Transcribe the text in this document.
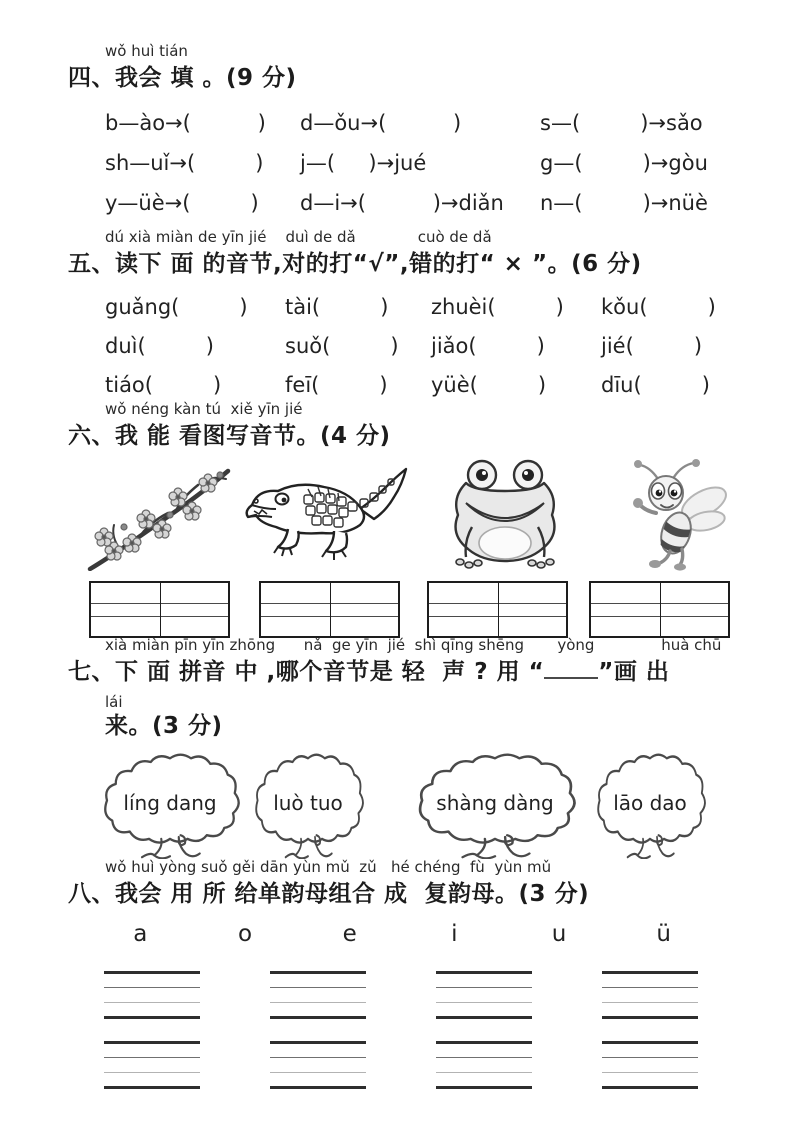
wǒ huì tián
四、我会 填 。(9 分)
b—ào→(          )	d—ǒu→(          )	s—(         )→sǎo
sh—uǐ→(         )	j—(     )→jué	g—(         )→gòu
y—üè→(         )	d—i→(          )→diǎn	n—(         )→nüè
dú xià miàn de yīn jié    duì de dǎ             cuò de dǎ
五、读下 面 的音节,对的打“√”,错的打“ × ”。(6 分)
guǎng(         )	tài(         )	zhuèi(         )	kǒu(         )
duì(         )	suǒ(         )	jiǎo(         )	jié(         )
tiáo(         )	feī(         )	yüè(         )	dīu(         )
wǒ néng kàn tú  xiě yīn jié
六、我 能 看图写音节。(4 分)
xià miàn pīn yīn zhōng      nǎ  ge yīn  jié  shì qīng shēng       yòng              huà chū
七、下 面 拼音 中 ,哪个音节是 轻  声 ? 用 “ ”画 出
lái
来。(3 分)
líng dang	luò tuo	shàng dàng	lāo dao
wǒ huì yòng suǒ gěi dān yùn mǔ  zǔ   hé chéng  fù  yùn mǔ
八、我会 用 所 给单韵母组合 成  复韵母。(3 分)
a	o	e	i	u	ü
